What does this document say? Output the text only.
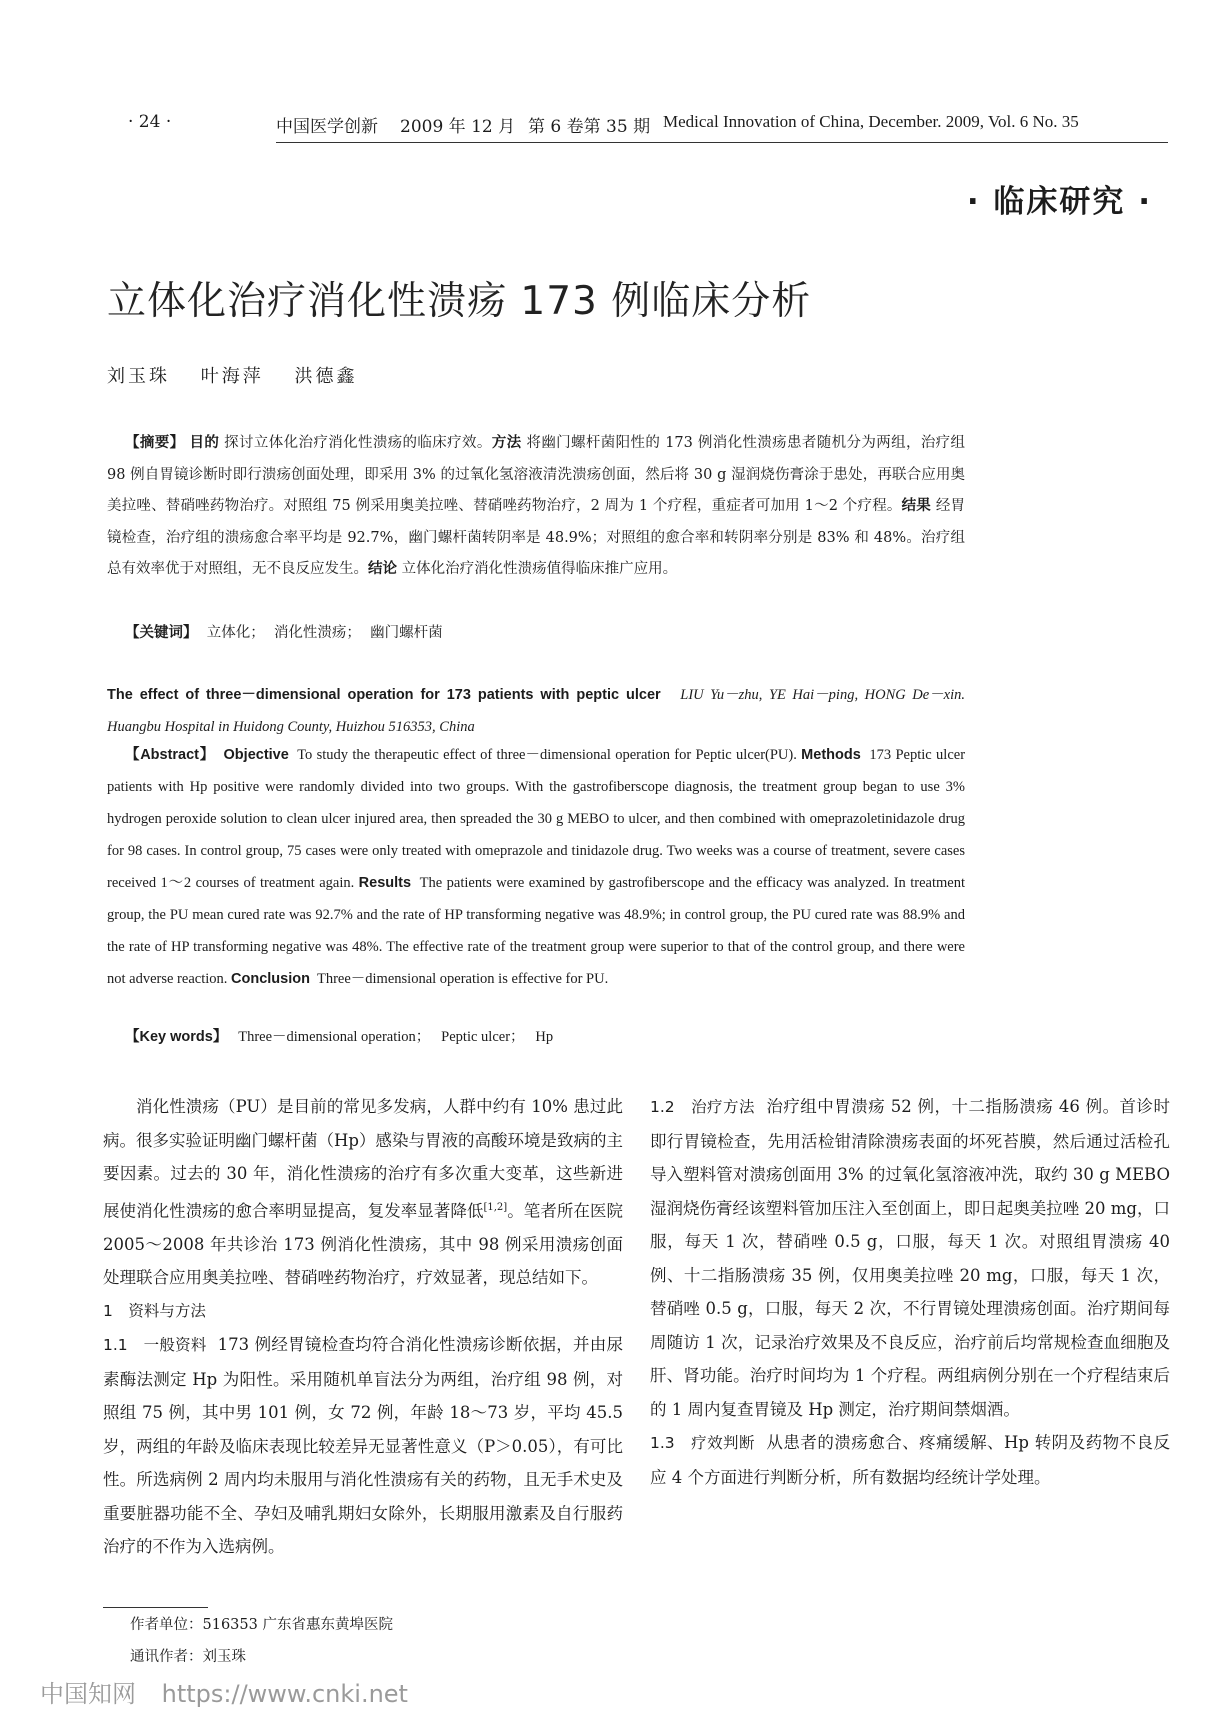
· 24 ·	中国医学创新 2009 年 12 月 第 6 卷第 35 期 Medical Innovation of China, December. 2009, Vol. 6 No. 35
· 临床研究 ·
立体化治疗消化性溃疡 173 例临床分析
刘玉珠 叶海萍 洪德鑫
【摘要】 目的 探讨立体化治疗消化性溃疡的临床疗效。方法 将幽门螺杆菌阳性的 173 例消化性溃疡患者随机分为两组，治疗组 98 例自胃镜诊断时即行溃疡创面处理，即采用 3% 的过氧化氢溶液清洗溃疡创面，然后将 30 g 湿润烧伤膏涂于患处，再联合应用奥美拉唑、替硝唑药物治疗。对照组 75 例采用奥美拉唑、替硝唑药物治疗，2 周为 1 个疗程，重症者可加用 1～2 个疗程。结果 经胃镜检查，治疗组的溃疡愈合率平均是 92.7%，幽门螺杆菌转阴率是 48.9%；对照组的愈合率和转阴率分别是 83% 和 48%。治疗组总有效率优于对照组，无不良反应发生。结论 立体化治疗消化性溃疡值得临床推广应用。
【关键词】 立体化； 消化性溃疡； 幽门螺杆菌
The effect of three－dimensional operation for 173 patients with peptic ulcer LIU Yu－zhu, YE Hai－ping, HONG De－xin. Huangbu Hospital in Huidong County, Huizhou 516353, China
【Abstract】 Objective To study the therapeutic effect of three－dimensional operation for Peptic ulcer(PU). Methods 173 Peptic ulcer patients with Hp positive were randomly divided into two groups. With the gastrofiberscope diagnosis, the treatment group began to use 3% hydrogen peroxide solution to clean ulcer injured area, then spreaded the 30 g MEBO to ulcer, and then combined with omeprazoletinidazole drug for 98 cases. In control group, 75 cases were only treated with omeprazole and tinidazole drug. Two weeks was a course of treatment, severe cases received 1～2 courses of treatment again. Results The patients were examined by gastrofiberscope and the efficacy was analyzed. In treatment group, the PU mean cured rate was 92.7% and the rate of HP transforming negative was 48.9%; in control group, the PU cured rate was 88.9% and the rate of HP transforming negative was 48%. The effective rate of the treatment group were superior to that of the control group, and there were not adverse reaction. Conclusion Three－dimensional operation is effective for PU.
【Key words】 Three－dimensional operation； Peptic ulcer； Hp

消化性溃疡（PU）是目前的常见多发病，人群中约有 10% 患过此病。很多实验证明幽门螺杆菌（Hp）感染与胃液的高酸环境是致病的主要因素。过去的 30 年，消化性溃疡的治疗有多次重大变革，这些新进展使消化性溃疡的愈合率明显提高，复发率显著降低[1,2]。笔者所在医院 2005～2008 年共诊治 173 例消化性溃疡，其中 98 例采用溃疡创面处理联合应用奥美拉唑、替硝唑药物治疗，疗效显著，现总结如下。

1　资料与方法

1.1　一般资料 173 例经胃镜检查均符合消化性溃疡诊断依据，并由尿素酶法测定 Hp 为阳性。采用随机单盲法分为两组，治疗组 98 例，对照组 75 例，其中男 101 例，女 72 例，年龄 18～73 岁，平均 45.5 岁，两组的年龄及临床表现比较差异无显著性意义（P＞0.05），有可比性。所选病例 2 周内均未服用与消化性溃疡有关的药物，且无手术史及重要脏器功能不全、孕妇及哺乳期妇女除外，长期服用激素及自行服药治疗的不作为入选病例。

1.2　治疗方法 治疗组中胃溃疡 52 例，十二指肠溃疡 46 例。首诊时即行胃镜检查，先用活检钳清除溃疡表面的坏死苔膜，然后通过活检孔导入塑料管对溃疡创面用 3% 的过氧化氢溶液冲洗，取约 30 g MEBO 湿润烧伤膏经该塑料管加压注入至创面上，即日起奥美拉唑 20 mg，口服，每天 1 次，替硝唑 0.5 g，口服，每天 1 次。对照组胃溃疡 40 例、十二指肠溃疡 35 例，仅用奥美拉唑 20 mg，口服，每天 1 次，替硝唑 0.5 g，口服，每天 2 次，不行胃镜处理溃疡创面。治疗期间每周随访 1 次，记录治疗效果及不良反应，治疗前后均常规检查血细胞及肝、肾功能。治疗时间均为 1 个疗程。两组病例分别在一个疗程结束后的 1 周内复查胃镜及 Hp 测定，治疗期间禁烟酒。

1.3　疗效判断 从患者的溃疡愈合、疼痛缓解、Hp 转阴及药物不良反应 4 个方面进行判断分析，所有数据均经统计学处理。

作者单位：516353 广东省惠东黄埠医院
通讯作者：刘玉珠
中国知网 https://www.cnki.net
